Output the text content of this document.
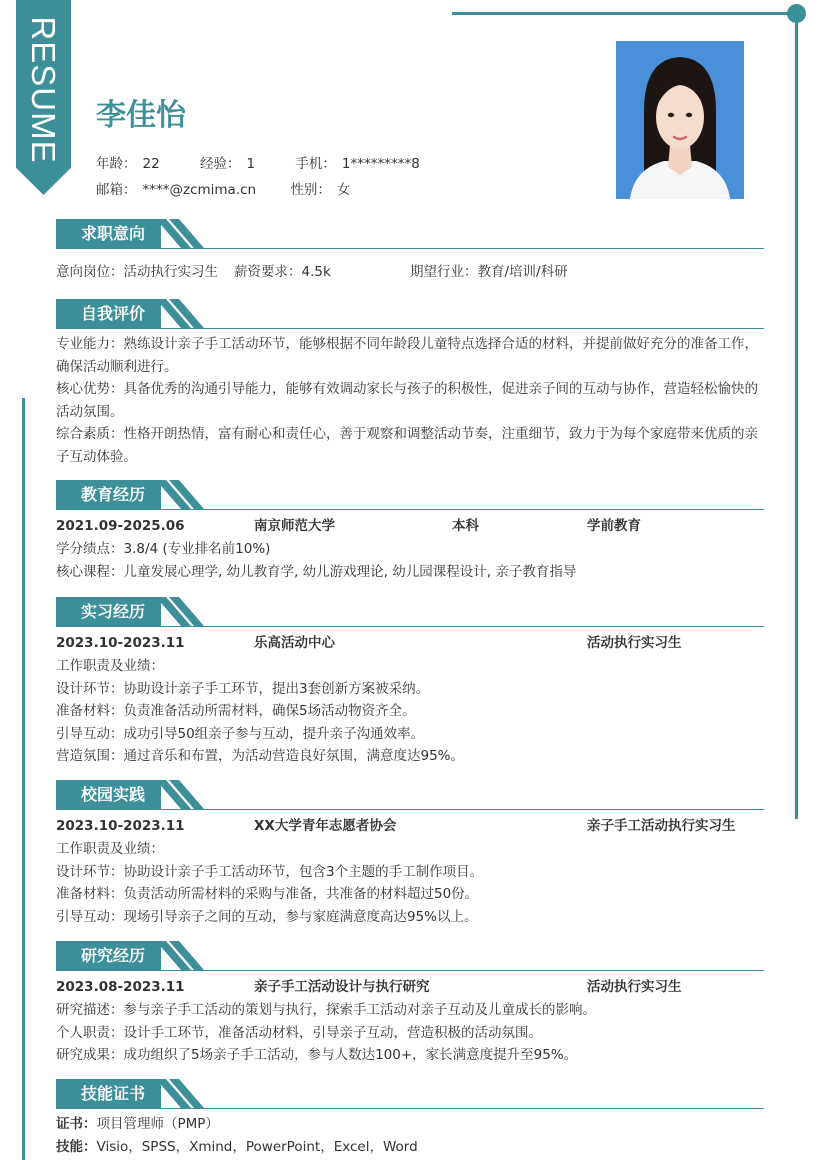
RESUME 李佳怡
年龄： 22	经验： 1	手机： 1*********8
邮箱： ****@zcmima.cn	性别： 女
求职意向
意向岗位：活动执行实习生 薪资要求：4.5k	期望行业：教育/培训/科研
自我评价
专业能力：熟练设计亲子手工活动环节，能够根据不同年龄段儿童特点选择合适的材料，并提前做好充分的准备工作，确保活动顺利进行。
核心优势：具备优秀的沟通引导能力，能够有效调动家长与孩子的积极性，促进亲子间的互动与协作，营造轻松愉快的活动氛围。
综合素质：性格开朗热情，富有耐心和责任心，善于观察和调整活动节奏，注重细节，致力于为每个家庭带来优质的亲子互动体验。
教育经历
2021.09-2025.06	南京师范大学	本科	学前教育
学分绩点：3.8/4 (专业排名前10%)
核心课程：儿童发展心理学, 幼儿教育学, 幼儿游戏理论, 幼儿园课程设计, 亲子教育指导
实习经历
2023.10-2023.11	乐高活动中心	活动执行实习生
工作职责及业绩：
设计环节：协助设计亲子手工环节，提出3套创新方案被采纳。
准备材料：负责准备活动所需材料，确保5场活动物资齐全。
引导互动：成功引导50组亲子参与互动，提升亲子沟通效率。
营造氛围：通过音乐和布置，为活动营造良好氛围，满意度达95%。
校园实践
2023.10-2023.11	XX大学青年志愿者协会	亲子手工活动执行实习生
工作职责及业绩：
设计环节：协助设计亲子手工活动环节，包含3个主题的手工制作项目。
准备材料：负责活动所需材料的采购与准备，共准备的材料超过50份。
引导互动：现场引导亲子之间的互动，参与家庭满意度高达95%以上。
研究经历
2023.08-2023.11	亲子手工活动设计与执行研究	活动执行实习生
研究描述：参与亲子手工活动的策划与执行，探索手工活动对亲子互动及儿童成长的影响。
个人职责：设计手工环节，准备活动材料，引导亲子互动，营造积极的活动氛围。
研究成果：成功组织了5场亲子手工活动，参与人数达100+，家长满意度提升至95%。
技能证书
证书：项目管理师（PMP）
技能：Visio，SPSS，Xmind，PowerPoint，Excel，Word
